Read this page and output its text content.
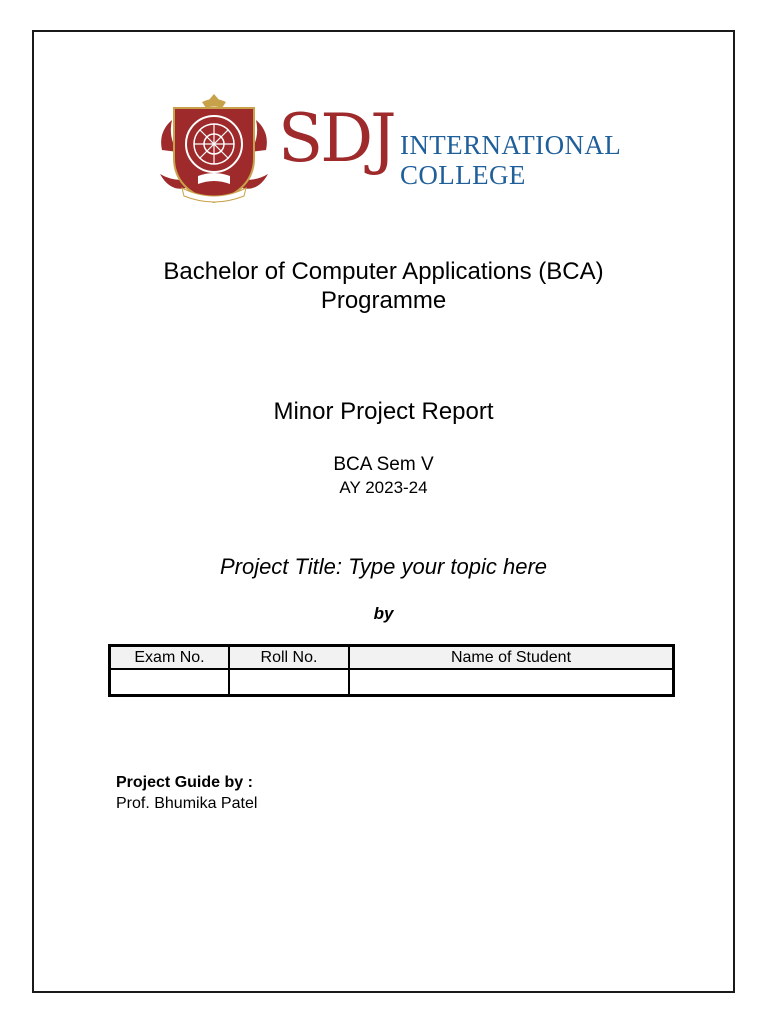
SDJ INTERNATIONAL
COLLEGE
Bachelor of Computer Applications (BCA)
Programme
Minor Project Report
BCA Sem V
AY 2023-24
Project Title: Type your topic here
by
Exam No.	Roll No.	Name of Student

Project Guide by :
Prof. Bhumika Patel
